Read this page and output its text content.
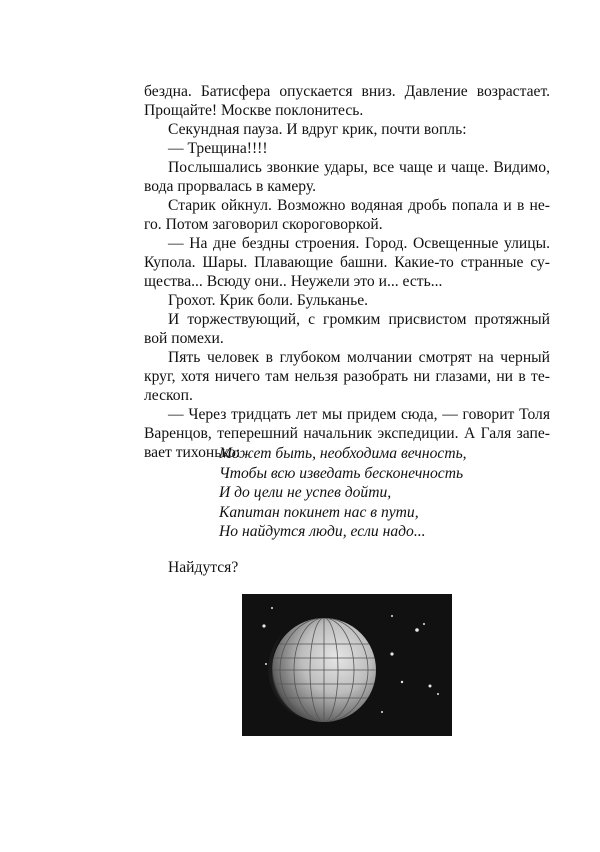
бездна. Батисфера опускается вниз. Давление возрастает.
Прощайте! Москве поклонитесь.
Секундная пауза. И вдруг крик, почти вопль:
— Трещина!!!!
Послышались звонкие удары, все чаще и чаще. Видимо,
вода прорвалась в камеру.
Старик ойкнул. Возможно водяная дробь попала и в не-
го. Потом заговорил скороговоркой.
— На дне бездны строения. Город. Освещенные улицы.
Купола. Шары. Плавающие башни. Какие-то странные су-
щества... Всюду они.. Неужели это и... есть...
Грохот. Крик боли. Бульканье.
И торжествующий, с громким присвистом протяжный
вой помехи.
Пять человек в глубоком молчании смотрят на черный
круг, хотя ничего там нельзя разобрать ни глазами, ни в те-
лескоп.
— Через тридцать лет мы придем сюда, — говорит Толя
Варенцов, теперешний начальник экспедиции. А Галя запе-
вает тихонько:
Может быть, необходима вечность,
Чтобы всю изведать бесконечность
И до цели не успев дойти,
Капитан покинет нас в пути,
Но найдутся люди, если надо...
Найдутся?
